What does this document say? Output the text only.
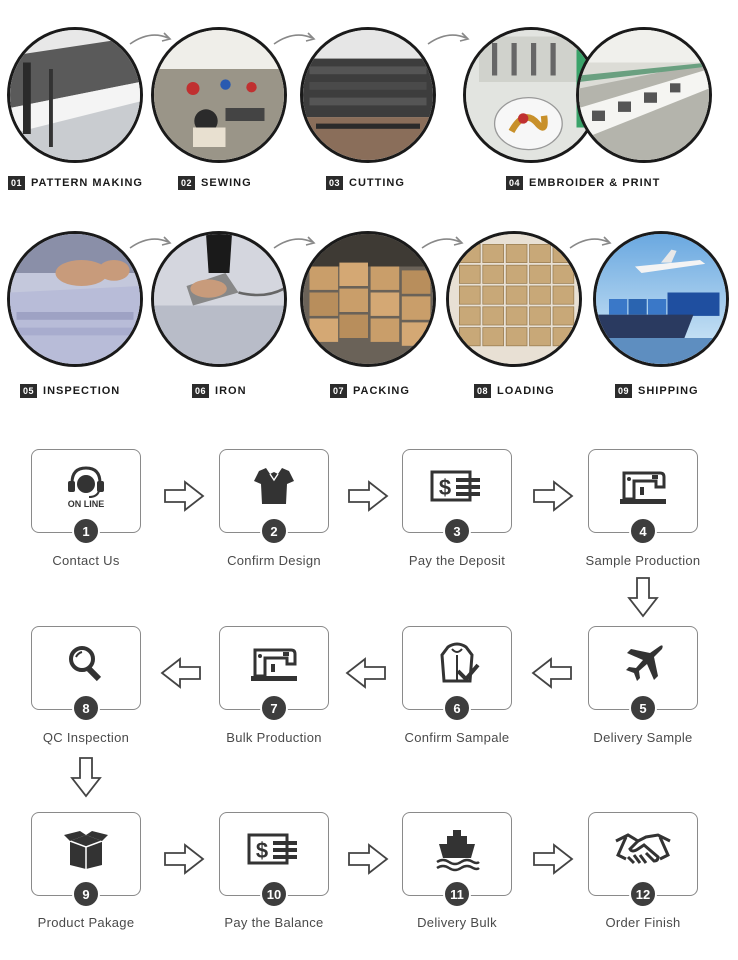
01 PATTERN MAKING	02 SEWING	03 CUTTING	04 EMBROIDER & PRINT
05 INSPECTION	06 IRON	07 PACKING	08 LOADING	09 SHIPPING
ON LINE
1
Contact Us
2
Confirm Design
$
3
Pay the Deposit
4
Sample Production
8
QC Inspection
7
Bulk Production
6
Confirm Sampale
5
Delivery Sample
9
Product Pakage
$
10
Pay the Balance
11
Delivery Bulk
12
Order Finish
